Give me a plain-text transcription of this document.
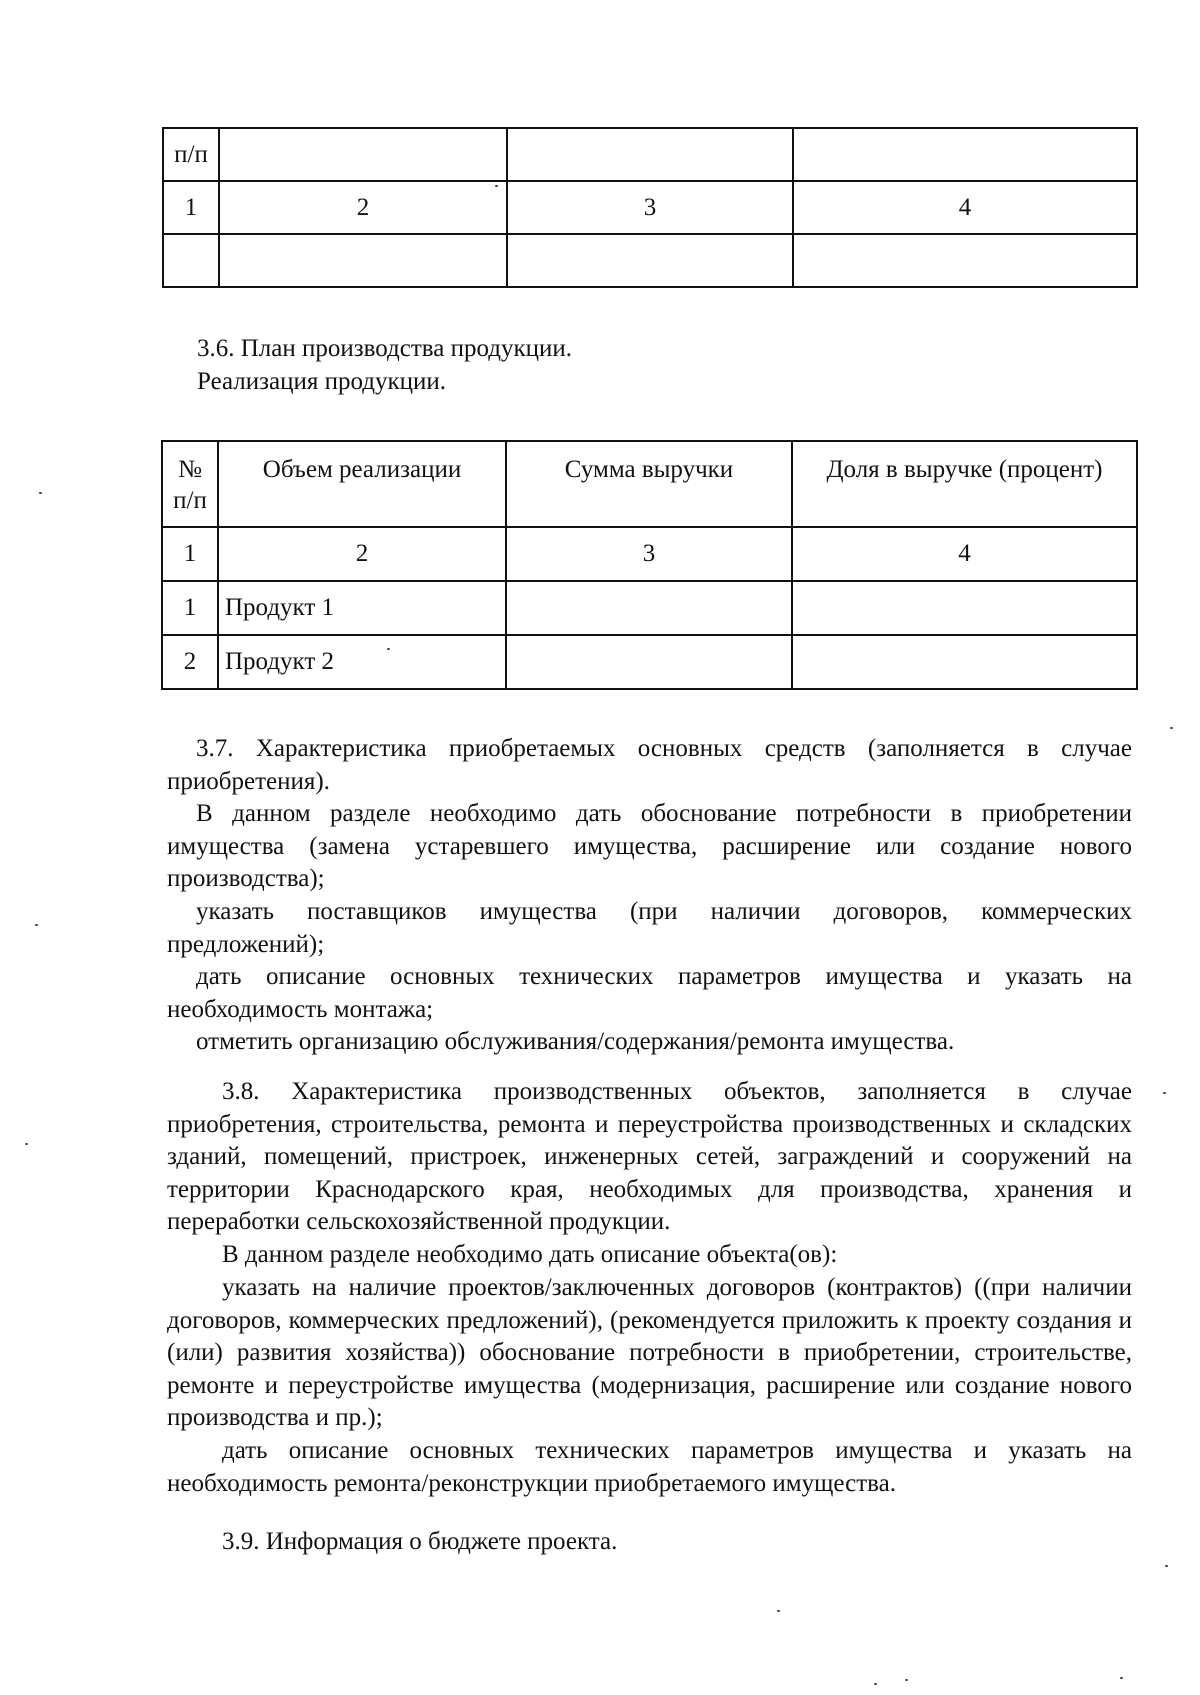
п/п			
1	2	3	4

3.6. План производства продукции.

Реализация продукции.

№
п/п	Объем реализации	Сумма выручки	Доля в выручке (процент)
1	2	3	4
1	Продукт 1		
2	Продукт 2		

3.7. Характеристика приобретаемых основных средств (заполняется в случае приобретения).

В данном разделе необходимо дать обоснование потребности в приобретении имущества (замена устаревшего имущества, расширение или создание нового производства);

указать поставщиков имущества (при наличии договоров, коммерческих предложений);

дать описание основных технических параметров имущества и указать на необходимость монтажа;

отметить организацию обслуживания/содержания/ремонта имущества.

3.8. Характеристика производственных объектов, заполняется в случае приобретения, строительства, ремонта и переустройства производственных и складских зданий, помещений, пристроек, инженерных сетей, заграждений и сооружений на территории Краснодарского края, необходимых для производства, хранения и переработки сельскохозяйственной продукции.

В данном разделе необходимо дать описание объекта(ов):

указать на наличие проектов/заключенных договоров (контрактов) ((при наличии договоров, коммерческих предложений), (рекомендуется приложить к проекту создания и (или) развития хозяйства)) обоснование потребности в приобретении, строительстве, ремонте и переустройстве имущества (модернизация, расширение или создание нового производства и пр.);

дать описание основных технических параметров имущества и указать на необходимость ремонта/реконструкции приобретаемого имущества.

3.9. Информация о бюджете проекта.
